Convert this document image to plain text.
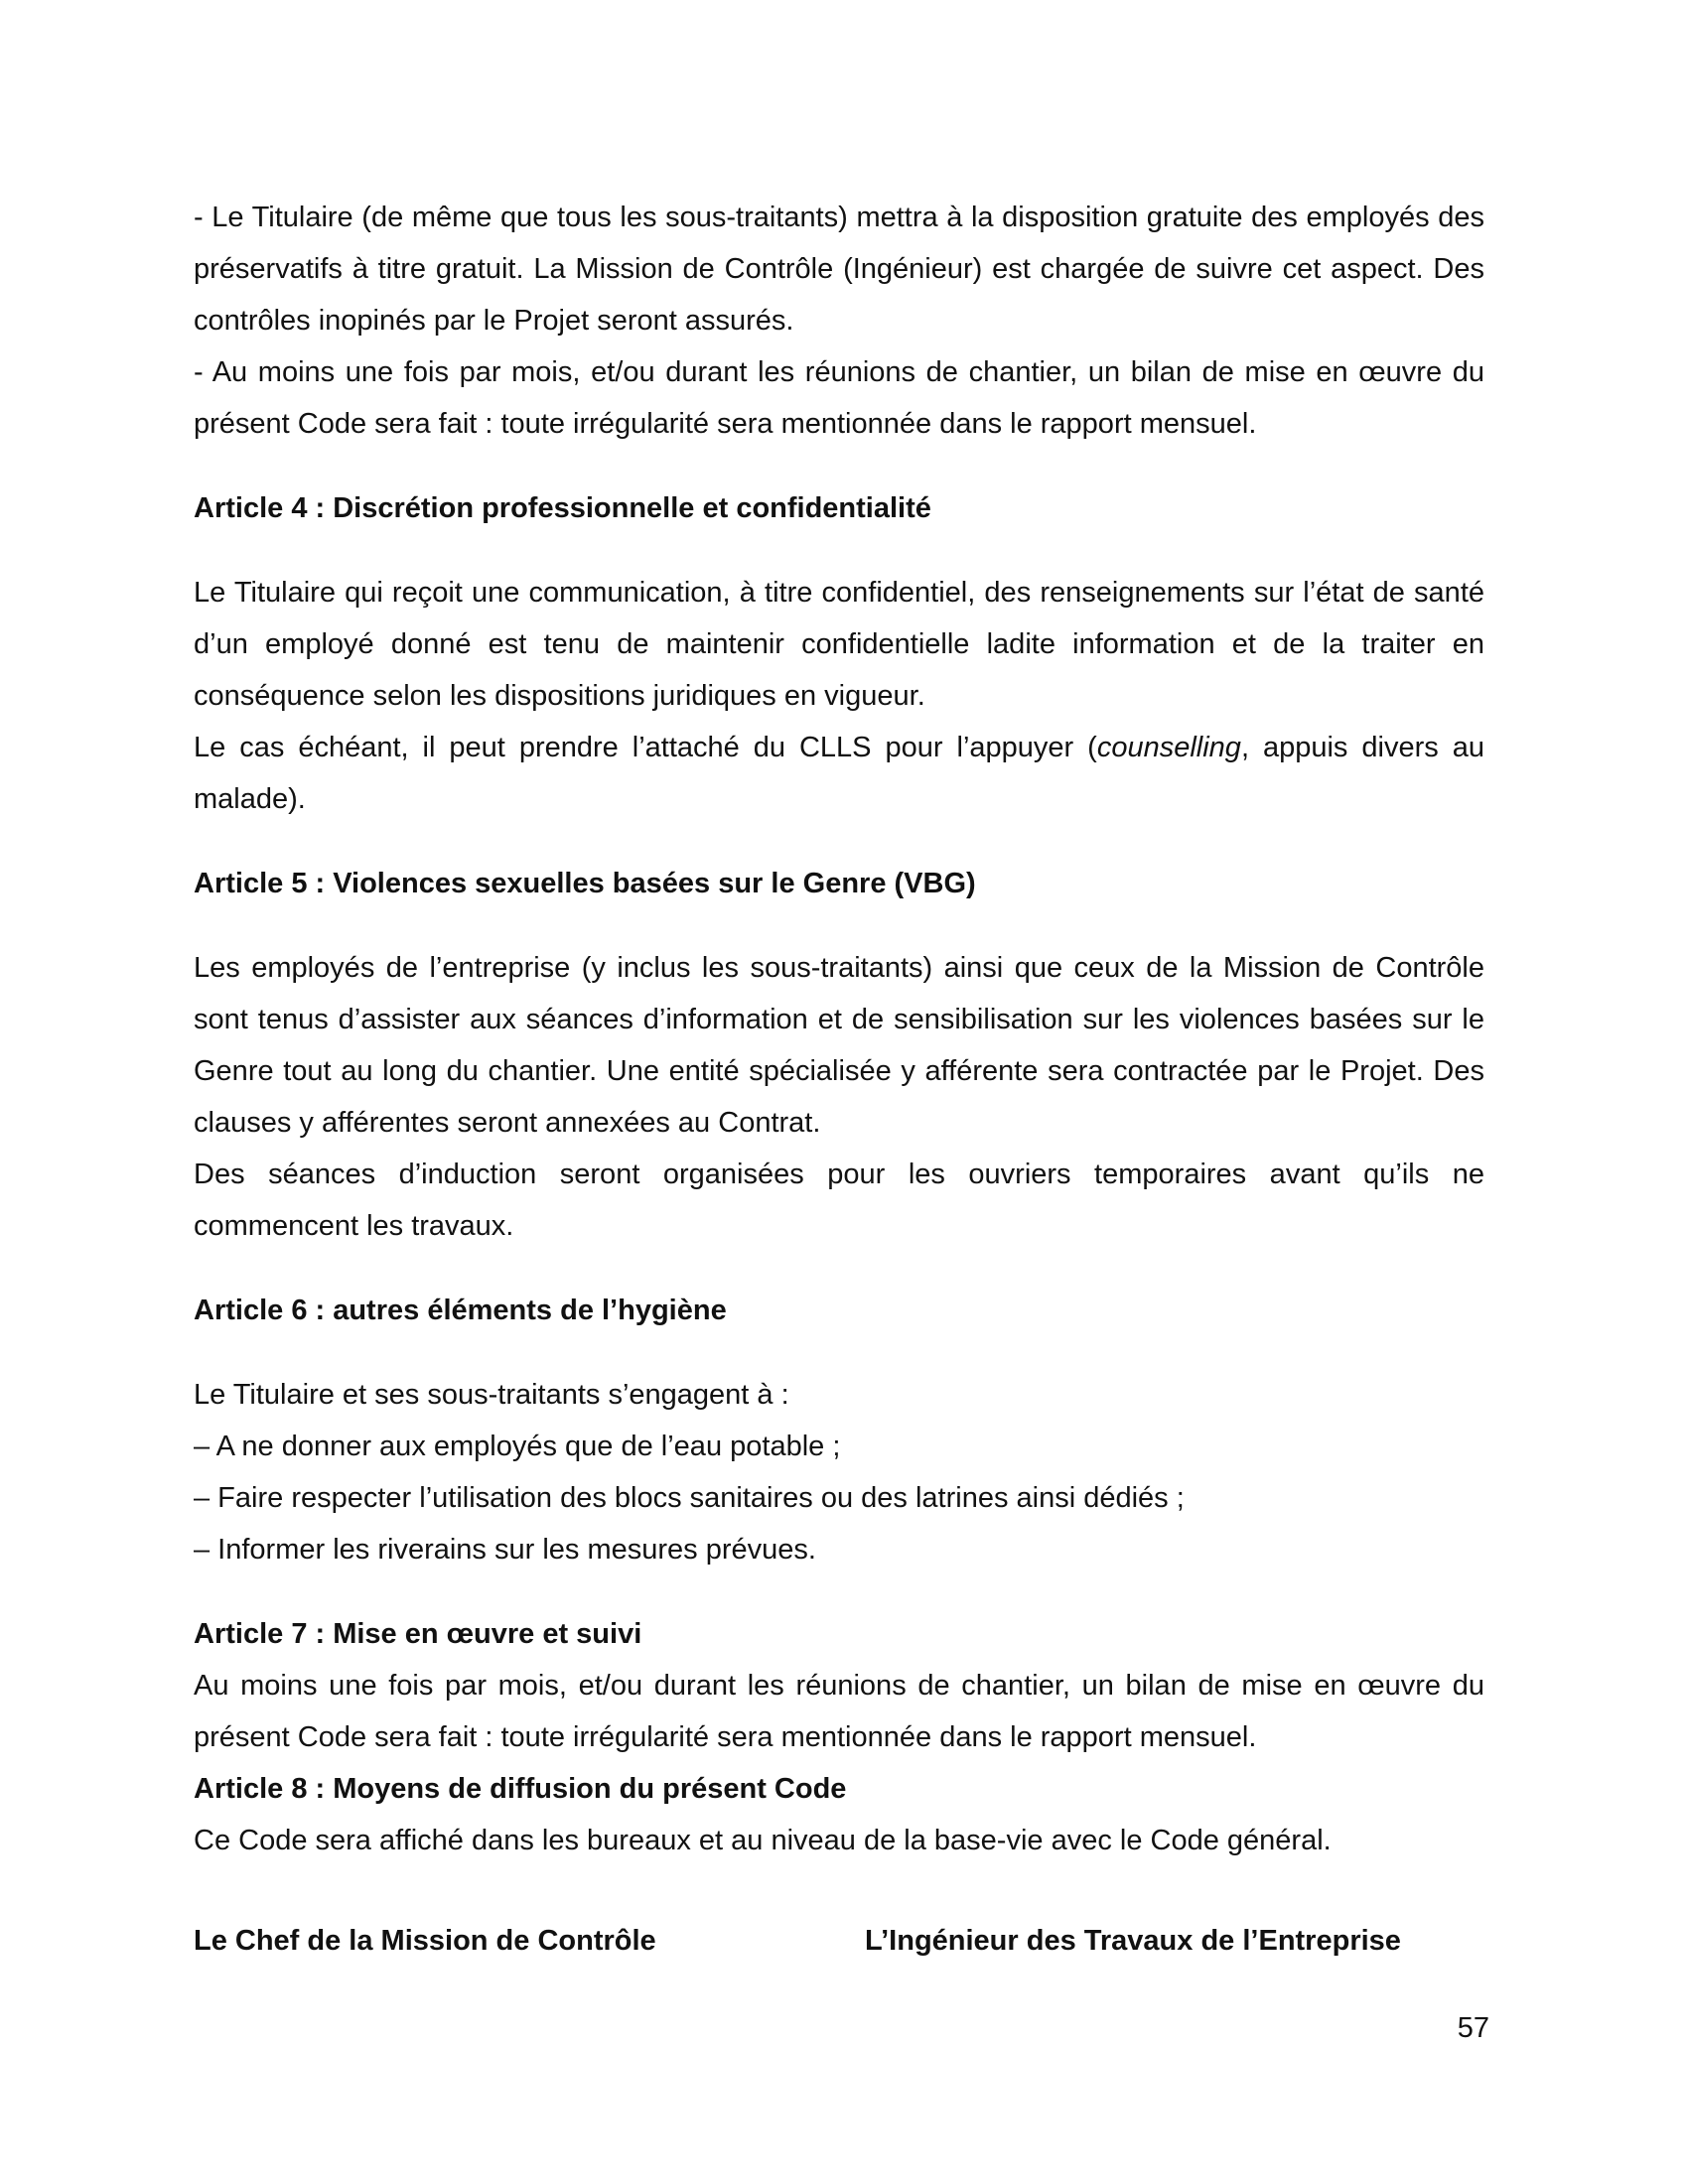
- Le Titulaire (de même que tous les sous-traitants) mettra à la disposition gratuite des employés des préservatifs à titre gratuit. La Mission de Contrôle (Ingénieur) est chargée de suivre cet aspect. Des contrôles inopinés par le Projet seront assurés.

- Au moins une fois par mois, et/ou durant les réunions de chantier, un bilan de mise en œuvre du présent Code sera fait : toute irrégularité sera mentionnée dans le rapport mensuel.

Article 4 : Discrétion professionnelle et confidentialité

Le Titulaire qui reçoit une communication, à titre confidentiel, des renseignements sur l’état de santé d’un employé donné est tenu de maintenir confidentielle ladite information et de la traiter en conséquence selon les dispositions juridiques en vigueur.

Le cas échéant, il peut prendre l’attaché du CLLS pour l’appuyer (counselling, appuis divers au malade).

Article 5 : Violences sexuelles basées sur le Genre (VBG)

Les employés de l’entreprise (y inclus les sous-traitants) ainsi que ceux de la Mission de Contrôle sont tenus d’assister aux séances d’information et de sensibilisation sur les violences basées sur le Genre tout au long du chantier. Une entité spécialisée y afférente sera contractée par le Projet. Des clauses y afférentes seront annexées au Contrat.

Des séances d’induction seront organisées pour les ouvriers temporaires avant qu’ils ne commencent les travaux.

Article 6 : autres éléments de l’hygiène

Le Titulaire et ses sous-traitants s’engagent à :

– A ne donner aux employés que de l’eau potable ;

– Faire respecter l’utilisation des blocs sanitaires ou des latrines ainsi dédiés ;

– Informer les riverains sur les mesures prévues.

Article 7 : Mise en œuvre et suivi

Au moins une fois par mois, et/ou durant les réunions de chantier, un bilan de mise en œuvre du présent Code sera fait : toute irrégularité sera mentionnée dans le rapport mensuel.

Article 8 : Moyens de diffusion du présent Code

Ce Code sera affiché dans les bureaux et au niveau de la base-vie avec le Code général.

Le Chef de la Mission de Contrôle	L’Ingénieur des Travaux de l’Entreprise
57
